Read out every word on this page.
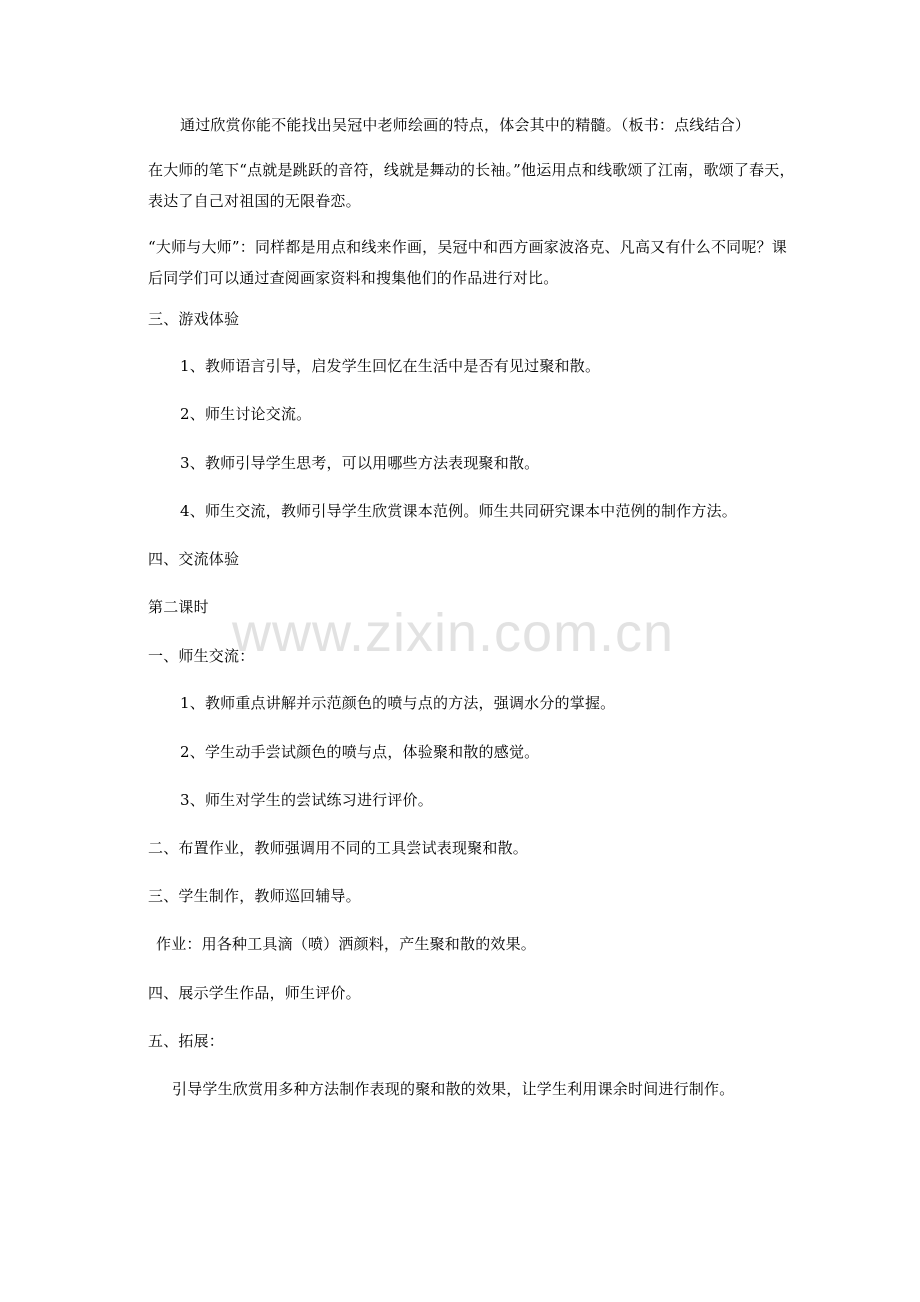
通过欣赏你能不能找出吴冠中老师绘画的特点，体会其中的精髓。（板书：点线结合）
在大师的笔下“点就是跳跃的音符，线就是舞动的长袖。”他运用点和线歌颂了江南，歌颂了春天，表达了自己对祖国的无限眷恋。
“大师与大师”：同样都是用点和线来作画，吴冠中和西方画家波洛克、凡高又有什么不同呢？课后同学们可以通过查阅画家资料和搜集他们的作品进行对比。
三、游戏体验
1、教师语言引导，启发学生回忆在生活中是否有见过聚和散。
2、师生讨论交流。
3、教师引导学生思考，可以用哪些方法表现聚和散。
4、师生交流，教师引导学生欣赏课本范例。师生共同研究课本中范例的制作方法。
四、交流体验
第二课时
一、师生交流：
1、教师重点讲解并示范颜色的喷与点的方法，强调水分的掌握。
2、学生动手尝试颜色的喷与点，体验聚和散的感觉。
3、师生对学生的尝试练习进行评价。
二、布置作业，教师强调用不同的工具尝试表现聚和散。
三、学生制作，教师巡回辅导。
作业：用各种工具滴（喷）洒颜料，产生聚和散的效果。
四、展示学生作品，师生评价。
五、拓展：
引导学生欣赏用多种方法制作表现的聚和散的效果，让学生利用课余时间进行制作。
www.zixin.com.cn
